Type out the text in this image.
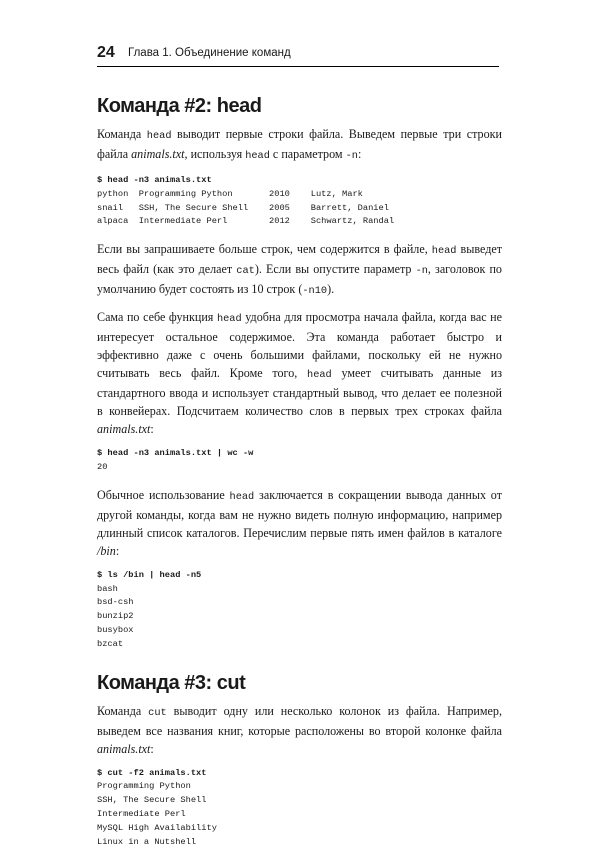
24 Глава 1. Объединение команд
Команда #2: head

Команда head выводит первые строки файла. Выведем первые три строки файла animals.txt, используя head с параметром -n:

$ head -n3 animals.txt
python  Programming Python       2010    Lutz, Mark
snail   SSH, The Secure Shell    2005    Barrett, Daniel
alpaca  Intermediate Perl        2012    Schwartz, Randal

Если вы запрашиваете больше строк, чем содержится в файле, head выведет весь файл (как это делает cat). Если вы опустите параметр -n, заголовок по умолчанию будет состоять из 10 строк (-n10).

Сама по себе функция head удобна для просмотра начала файла, когда вас не интересует остальное содержимое. Эта команда работает быстро и эффективно даже с очень большими файлами, поскольку ей не нужно считывать весь файл. Кроме того, head умеет считывать данные из стандартного ввода и использует стандартный вывод, что делает ее полезной в конвейерах. Подсчитаем количество слов в первых трех строках файла animals.txt:

$ head -n3 animals.txt | wc -w
20

Обычное использование head заключается в сокращении вывода данных от другой команды, когда вам не нужно видеть полную информацию, например длинный список каталогов. Перечислим первые пять имен файлов в каталоге /bin:

$ ls /bin | head -n5
bash
bsd-csh
bunzip2
busybox
bzcat
Команда #3: cut

Команда cut выводит одну или несколько колонок из файла. Например, выведем все названия книг, которые расположены во второй колонке файла animals.txt:

$ cut -f2 animals.txt
Programming Python
SSH, The Secure Shell
Intermediate Perl
MySQL High Availability
Linux in a Nutshell
